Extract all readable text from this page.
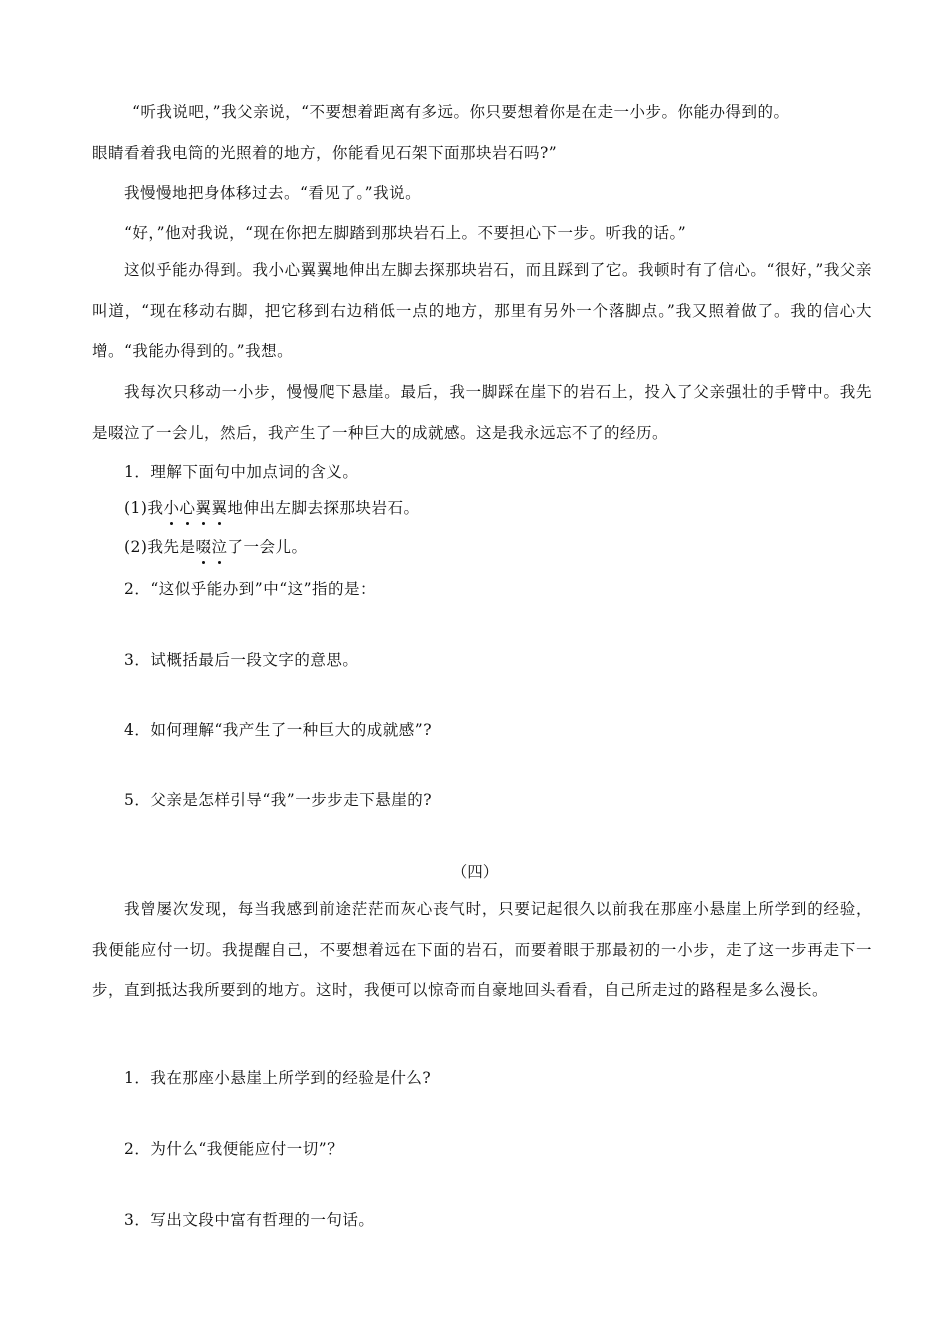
“听我说吧，”我父亲说，“不要想着距离有多远。你只要想着你是在走一小步。你能办得到的。
眼睛看着我电筒的光照着的地方，你能看见石架下面那块岩石吗?”
我慢慢地把身体移过去。“看见了。”我说。
“好，”他对我说，“现在你把左脚踏到那块岩石上。不要担心下一步。听我的话。”
这似乎能办得到。我小心翼翼地伸出左脚去探那块岩石，而且踩到了它。我顿时有了信心。“很好，”我父亲叫道，“现在移动右脚，把它移到右边稍低一点的地方，那里有另外一个落脚点。”我又照着做了。我的信心大增。“我能办得到的。”我想。
我每次只移动一小步，慢慢爬下悬崖。最后，我一脚踩在崖下的岩石上，投入了父亲强壮的手臂中。我先是啜泣了一会儿，然后，我产生了一种巨大的成就感。这是我永远忘不了的经历。
1．理解下面句中加点词的含义。
(1)我小心翼翼地伸出左脚去探那块岩石。
(2)我先是啜泣了一会儿。
2．“这似乎能办到”中“这”指的是：
3．试概括最后一段文字的意思。
4．如何理解“我产生了一种巨大的成就感”?
5．父亲是怎样引导“我”一步步走下悬崖的?
（四）
我曾屡次发现，每当我感到前途茫茫而灰心丧气时，只要记起很久以前我在那座小悬崖上所学到的经验，我便能应付一切。我提醒自己，不要想着远在下面的岩石，而要着眼于那最初的一小步，走了这一步再走下一步，直到抵达我所要到的地方。这时，我便可以惊奇而自豪地回头看看，自己所走过的路程是多么漫长。
1．我在那座小悬崖上所学到的经验是什么?
2．为什么“我便能应付一切”？
3．写出文段中富有哲理的一句话。
